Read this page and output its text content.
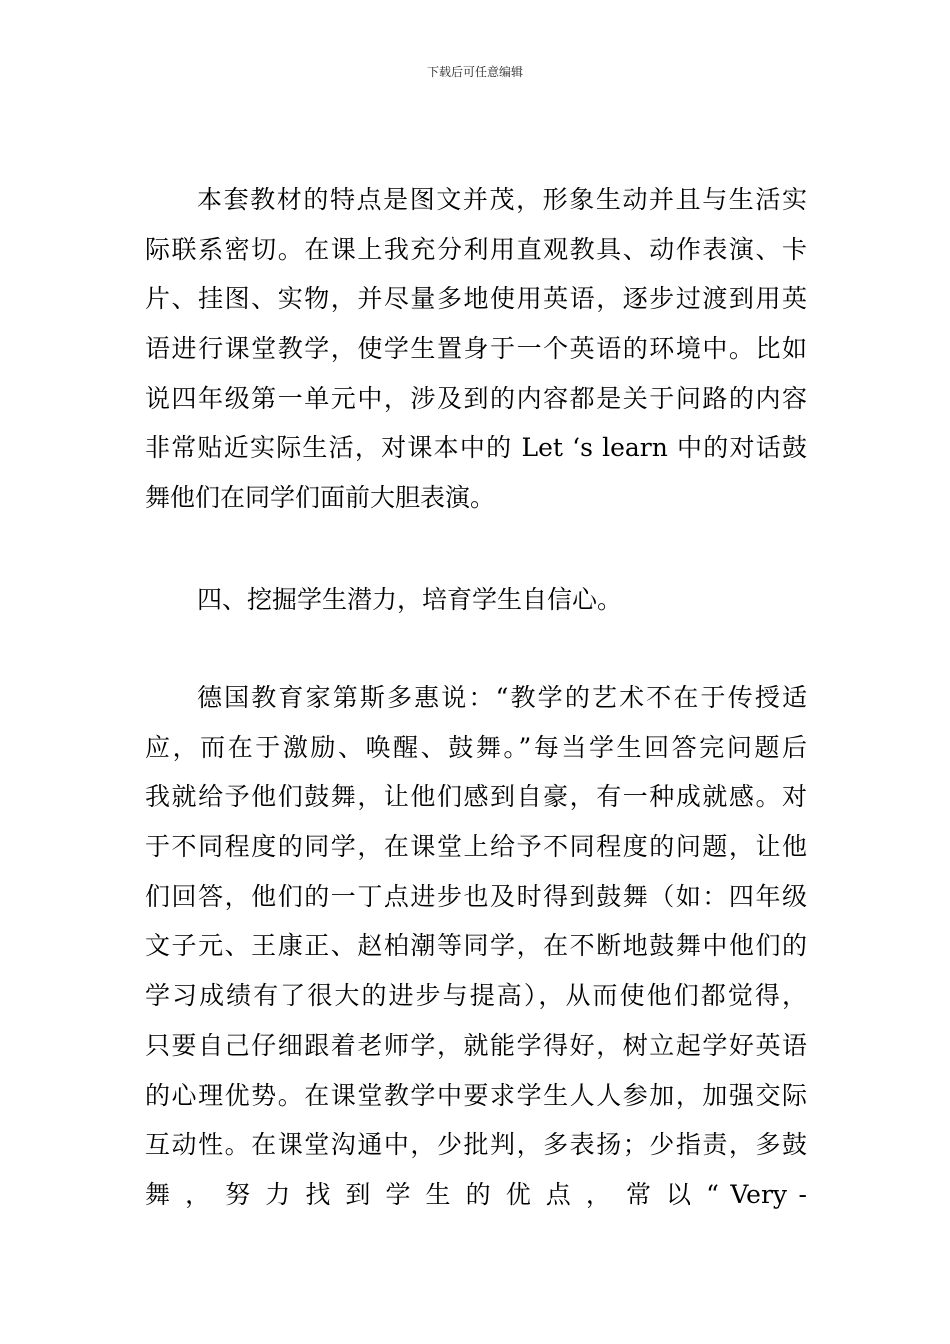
下载后可任意编辑
本套教材的特点是图文并茂，形象生动并且与生活实
际联系密切。在课上我充分利用直观教具、动作表演、卡
片、挂图、实物，并尽量多地使用英语，逐步过渡到用英
语进行课堂教学，使学生置身于一个英语的环境中。比如
说四年级第一单元中，涉及到的内容都是关于问路的内容
非常贴近实际生活，对课本中的 Let ‘s learn 中的对话鼓
舞他们在同学们面前大胆表演。
四、挖掘学生潜力，培育学生自信心。
德国教育家第斯多惠说：“教学的艺术不在于传授适
应，而在于激励、唤醒、鼓舞。”每当学生回答完问题后
我就给予他们鼓舞，让他们感到自豪，有一种成就感。对
于不同程度的同学，在课堂上给予不同程度的问题，让他
们回答，他们的一丁点进步也及时得到鼓舞（如：四年级
文子元、王康正、赵柏潮等同学，在不断地鼓舞中他们的
学习成绩有了很大的进步与提高），从而使他们都觉得，
只要自己仔细跟着老师学，就能学得好，树立起学好英语
的心理优势。在课堂教学中要求学生人人参加，加强交际
互动性。在课堂沟通中，少批判，多表扬；少指责，多鼓
舞 ， 努 力 找 到 学 生 的 优 点 ， 常 以 “ Very -
